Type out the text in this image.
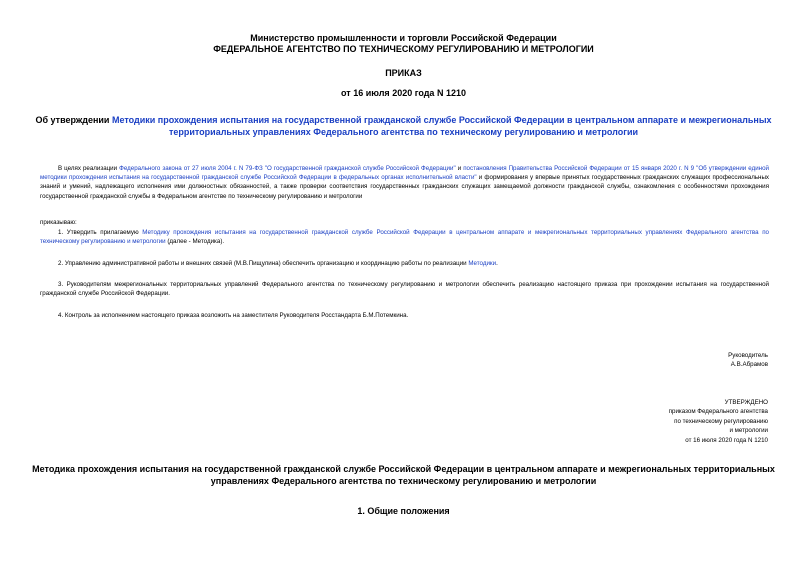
Министерство промышленности и торговли Российской Федерации
ФЕДЕРАЛЬНОЕ АГЕНТСТВО ПО ТЕХНИЧЕСКОМУ РЕГУЛИРОВАНИЮ И МЕТРОЛОГИИ
ПРИКАЗ
от 16 июля 2020 года N 1210
Об утверждении Методики прохождения испытания на государственной гражданской службе Российской Федерации в центральном аппарате и межрегиональных территориальных управлениях Федерального агентства по техническому регулированию и метрологии
В целях реализации Федерального закона от 27 июля 2004 г. N 79-ФЗ "О государственной гражданской службе Российской Федерации" и постановления Правительства Российской Федерации от 15 января 2020 г. N 9 "Об утверждении единой методики прохождения испытания на государственной гражданской службе Российской Федерации в федеральных органах исполнительной власти" и формирования у впервые принятых государственных гражданских служащих профессиональных знаний и умений, надлежащего исполнения ими должностных обязанностей, а также проверки соответствия государственных гражданских служащих замещаемой должности гражданской службы, ознакомления с особенностями прохождения государственной гражданской службы в Федеральном агентстве по техническому регулированию и метрологии
приказываю:
1. Утвердить прилагаемую Методику прохождения испытания на государственной гражданской службе Российской Федерации в центральном аппарате и межрегиональных территориальных управлениях Федерального агентства по техническому регулированию и метрологии (далее - Методика).
2. Управлению административной работы и внешних связей (М.В.Пищулина) обеспечить организацию и координацию работы по реализации Методики.
3. Руководителям межрегиональных территориальных управлений Федерального агентства по техническому регулированию и метрологии обеспечить реализацию настоящего приказа при прохождении испытания на государственной гражданской службе Российской Федерации.
4. Контроль за исполнением настоящего приказа возложить на заместителя Руководителя Росстандарта Б.М.Потемкина.
Руководитель
А.В.Абрамов
УТВЕРЖДЕНО
приказом Федерального агентства
по техническому регулированию
и метрологии
от 16 июля 2020 года N 1210
Методика прохождения испытания на государственной гражданской службе Российской Федерации в центральном аппарате и межрегиональных территориальных управлениях Федерального агентства по техническому регулированию и метрологии
1. Общие положения
